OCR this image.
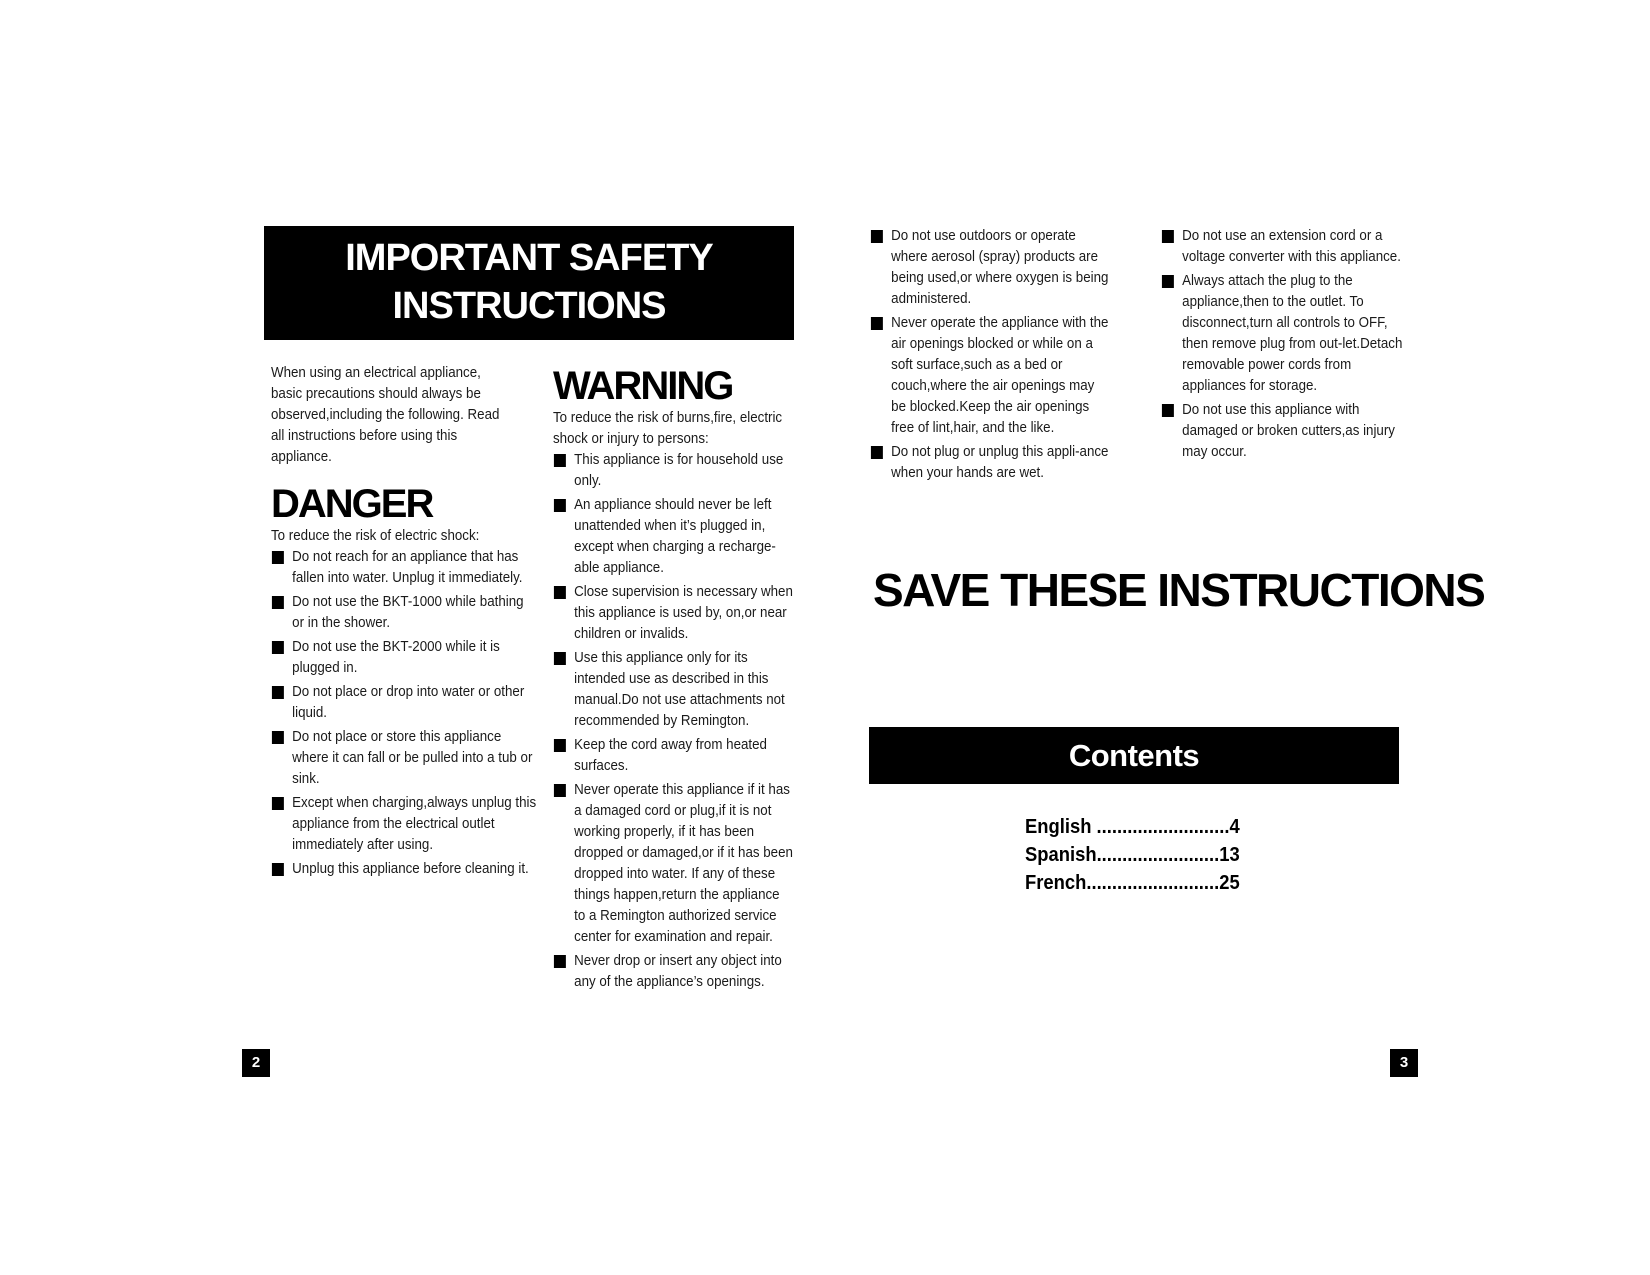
IMPORTANT SAFETY
INSTRUCTIONS
When using an electrical appliance, basic precautions should always be observed,including the following. Read all instructions before using this appliance.
DANGER
To reduce the risk of electric shock:
Do not reach for an appliance that has fallen into water. Unplug it immediately.
Do not use the BKT-1000 while bathing or in the shower.
Do not use the BKT-2000 while it is plugged in.
Do not place or drop into water or other liquid.
Do not place or store this appliance where it can fall or be pulled into a tub or sink.
Except when charging,always unplug this appliance from the electrical outlet immediately after using.
Unplug this appliance before cleaning it.
WARNING
To reduce the risk of burns,fire, electric shock or injury to persons:
This appliance is for household use only.
An appliance should never be left unattended when it’s plugged in, except when charging a recharge-able appliance.
Close supervision is necessary when this appliance is used by, on,or near children or invalids.
Use this appliance only for its intended use as described in this manual.Do not use attachments not recommended by Remington.
Keep the cord away from heated surfaces.
Never operate this appliance if it has a damaged cord or plug,if it is not working properly, if it has been dropped or damaged,or if it has been dropped into water. If any of these things happen,return the appliance to a Remington authorized service center for examination and repair.
Never drop or insert any object into any of the appliance’s openings.
2
Do not use outdoors or operate where aerosol (spray) products are being used,or where oxygen is being administered.
Never operate the appliance with the air openings blocked or while on a soft surface,such as a bed or couch,where the air openings may be blocked.Keep the air openings free of lint,hair, and the like.
Do not plug or unplug this appli-ance when your hands are wet.
Do not use an extension cord or a voltage converter with this appliance.
Always attach the plug to the appliance,then to the outlet. To disconnect,turn all controls to OFF, then remove plug from out-let.Detach removable power cords from appliances for storage.
Do not use this appliance with damaged or broken cutters,as injury may occur.
SAVE THESE INSTRUCTIONS
Contents
English ..........................4
Spanish........................13
French..........................25
3
